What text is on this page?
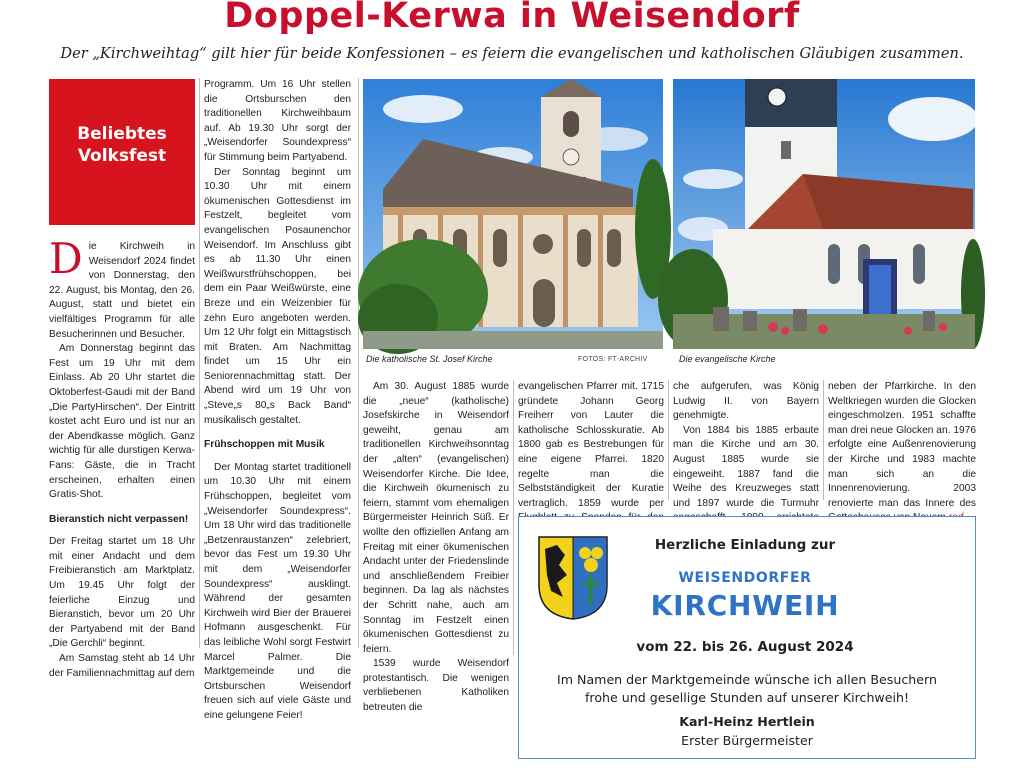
Doppel-Kerwa in Weisendorf
Der „Kirchweihtag“ gilt hier für beide Konfessionen – es feiern die evangelischen und katholischen Gläubigen zusammen.
Beliebtes
Volksfest

Die Kirchweih in Weisendorf 2024 findet von Donnerstag, den 22. August, bis Montag, den 26. August, statt und bietet ein vielfältiges Programm für alle Besucherinnen und Besucher.

Am Donnerstag beginnt das Fest um 19 Uhr mit dem Einlass. Ab 20 Uhr startet die Oktoberfest-Gaudi mit der Band „Die PartyHirschen“. Der Eintritt kostet acht Euro und ist nur an der Abendkasse möglich. Ganz wichtig für alle durstigen Kerwa-Fans: Gäste, die in Tracht erscheinen, erhalten einen Gratis-Shot.

Bieranstich nicht verpassen!

Der Freitag startet um 18 Uhr mit einer Andacht und dem Freibieranstich am Marktplatz. Um 19.45 Uhr folgt der feierliche Einzug und Bieranstich, bevor um 20 Uhr der Partyabend mit der Band „Die Gerchli“ beginnt.

Am Samstag steht ab 14 Uhr der Familiennachmittag auf dem

Programm. Um 16 Uhr stellen die Ortsburschen den traditionellen Kirchweihbaum auf. Ab 19.30 Uhr sorgt der „Weisendorfer Soundexpress“ für Stimmung beim Partyabend.

Der Sonntag beginnt um 10.30 Uhr mit einem ökumenischen Gottesdienst im Festzelt, begleitet vom evangelischen Posaunenchor Weisendorf. Im Anschluss gibt es ab 11.30 Uhr einen Weißwurstfrühschoppen, bei dem ein Paar Weißwürste, eine Breze und ein Weizenbier für zehn Euro angeboten werden. Um 12 Uhr folgt ein Mittagstisch mit Braten. Am Nachmittag findet um 15 Uhr ein Seniorennachmittag statt. Der Abend wird um 19 Uhr von „Steve„s 80„s Back Band“ musikalisch gestaltet.

Frühschoppen mit Musik

Der Montag startet traditionell um 10.30 Uhr mit einem Frühschoppen, begleitet vom „Weisendorfer Soundexpress“. Um 18 Uhr wird das traditionelle „Betzenraustanzen“ zelebriert, bevor das Fest um 19.30 Uhr mit dem „Weisendorfer Soundexpress“ ausklingt. Während der gesamten Kirchweih wird Bier der Brauerei Hofmann ausgeschenkt. Für das leibliche Wohl sorgt Festwirt Marcel Palmer. Die Marktgemeinde und die Ortsburschen Weisendorf freuen sich auf viele Gäste und eine gelungene Feier!

Die katholische St. Josef Kirche	FOTOS: FT-ARCHIV	Die evangelische Kirche

Am 30. August 1885 wurde die „neue“ (katholische) Josefskirche in Weisendorf geweiht, genau am traditionellen Kirchweihsonntag der „alten“ (evangelischen) Weisendorfer Kirche. Die Idee, die Kirchweih ökumenisch zu feiern, stammt vom ehemaligen Bürgermeister Heinrich Süß. Er wollte den offiziellen Anfang am Freitag mit einer ökumenischen Andacht unter der Friedenslinde und anschließendem Freibier beginnen. Da lag als nächstes der Schritt nahe, auch am Sonntag im Festzelt einen ökumenischen Gottesdienst zu feiern.

1539 wurde Weisendorf protestantisch. Die wenigen verbliebenen Katholiken betreuten die

evangelischen Pfarrer mit. 1715 gründete Johann Georg Freiherr von Lauter die katholische Schlosskuratie. Ab 1800 gab es Bestrebungen für eine eigene Pfarrei. 1820 regelte man die Selbstständigkeit der Kuratie vertraglich. 1859 wurde per

che aufgerufen, was König Ludwig II. von Bayern genehmigte.

Von 1884 bis 1885 erbaute man die Kirche und am 30. August 1885 wurde sie eingeweiht. 1887 fand die Weihe des Kreuzweges statt und 1897 wurde die Turmuhr

neben der Pfarrkirche. In den Weltkriegen wurden die Glocken eingeschmolzen. 1951 schaffte man drei neue Glocken an. 1976 erfolgte eine Außenrenovierung der Kirche und 1983 machte man sich an die Innenrenovierung. 2003 renovierte man das Innere des

Herzliche Einladung zur
WEISENDORFER
KIRCHWEIH
vom 22. bis 26. August 2024
Im Namen der Marktgemeinde wünsche ich allen Besuchern
frohe und gesellige Stunden auf unserer Kirchweih!
Karl-Heinz Hertlein
Erster Bürgermeister
